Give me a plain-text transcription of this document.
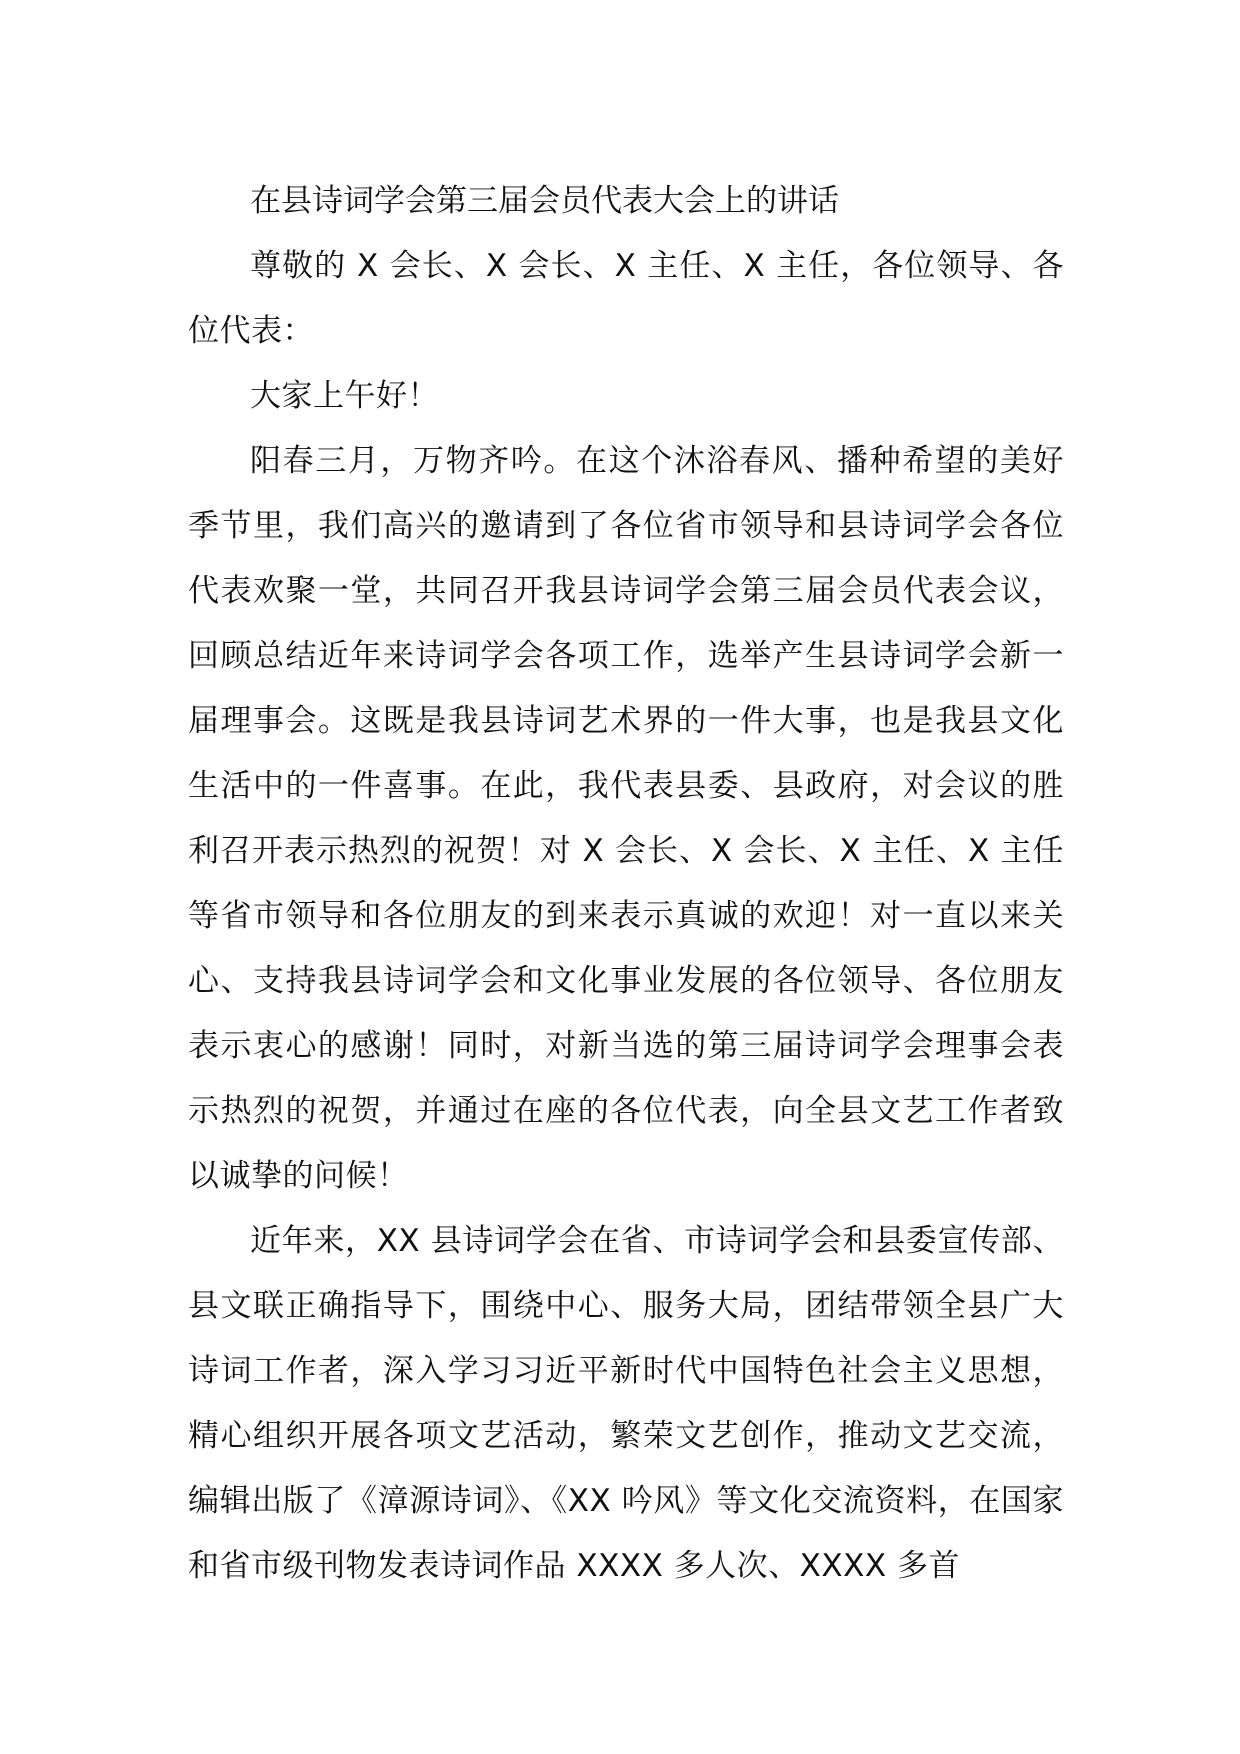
在县诗词学会第三届会员代表大会上的讲话

尊敬的 X 会长、X 会长、X 主任、X 主任，各位领导、各位代表：

大家上午好！

阳春三月，万物齐吟。在这个沐浴春风、播种希望的美好季节里，我们高兴的邀请到了各位省市领导和县诗词学会各位代表欢聚一堂，共同召开我县诗词学会第三届会员代表会议，回顾总结近年来诗词学会各项工作，选举产生县诗词学会新一届理事会。这既是我县诗词艺术界的一件大事，也是我县文化生活中的一件喜事。在此，我代表县委、县政府，对会议的胜利召开表示热烈的祝贺！对 X 会长、X 会长、X 主任、X 主任等省市领导和各位朋友的到来表示真诚的欢迎！对一直以来关心、支持我县诗词学会和文化事业发展的各位领导、各位朋友表示衷心的感谢！同时，对新当选的第三届诗词学会理事会表示热烈的祝贺，并通过在座的各位代表，向全县文艺工作者致以诚挚的问候！

近年来，XX 县诗词学会在省、市诗词学会和县委宣传部、县文联正确指导下，围绕中心、服务大局，团结带领全县广大诗词工作者，深入学习习近平新时代中国特色社会主义思想，精心组织开展各项文艺活动，繁荣文艺创作，推动文艺交流，编辑出版了《漳源诗词》、《XX 吟风》等文化交流资料，在国家和省市级刊物发表诗词作品 XXXX 多人次、XXXX 多首
